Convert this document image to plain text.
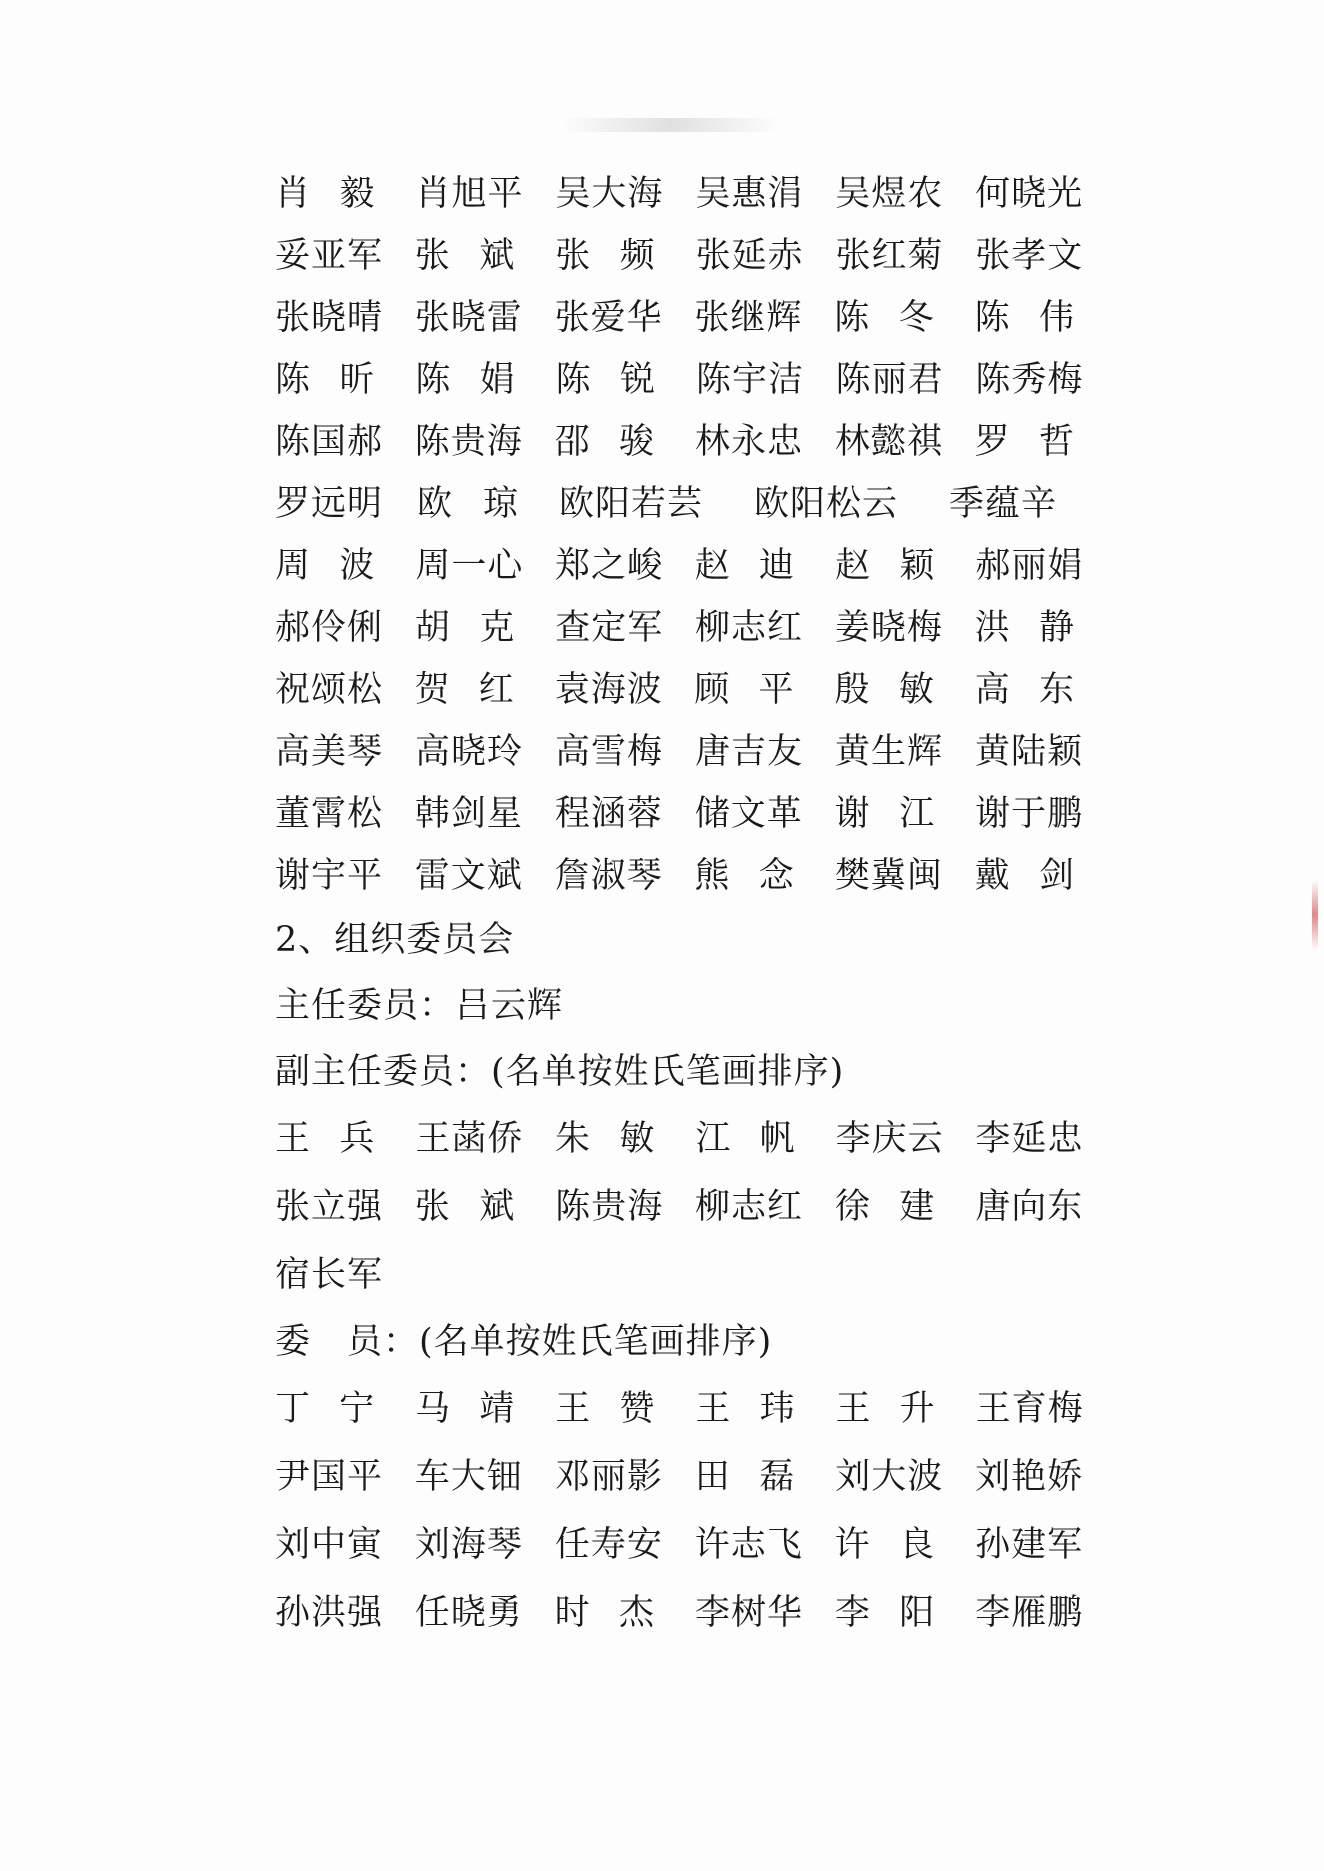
肖 毅 肖旭平 吴大海 吴惠涓 吴煜农 何晓光
妥亚军 张 斌 张 频 张延赤 张红菊 张孝文
张晓晴 张晓雷 张爱华 张继辉 陈 冬 陈 伟
陈 昕 陈 娟 陈 锐 陈宇洁 陈丽君 陈秀梅
陈国郝 陈贵海 邵 骏 林永忠 林懿祺 罗 哲
罗远明 欧 琼 欧阳若芸	欧阳松云	季蕴辛
周 波 周一心 郑之峻 赵 迪 赵 颖 郝丽娟
郝伶俐 胡 克 查定军 柳志红 姜晓梅 洪 静
祝颂松 贺 红 袁海波 顾 平 殷 敏 高 东
高美琴 高晓玲 高雪梅 唐吉友 黄生辉 黄陆颖
董霄松 韩剑星 程涵蓉 储文革 谢 江 谢于鹏
谢宇平 雷文斌 詹淑琴 熊 念 樊冀闽 戴 剑
2、组织委员会
主任委员： 吕云辉
副主任委员：(名单按姓氏笔画排序)
王 兵 王菡侨 朱 敏 江 帆 李庆云 李延忠
张立强 张 斌 陈贵海 柳志红 徐 建 唐向东
宿长军
委　员：(名单按姓氏笔画排序)
丁 宁 马 靖 王 赞 王 玮 王 升 王育梅
尹国平 车大钿 邓丽影 田 磊 刘大波 刘艳娇
刘中寅 刘海琴 任寿安 许志飞 许 良 孙建军
孙洪强 任晓勇 时 杰 李树华 李 阳 李雁鹏
